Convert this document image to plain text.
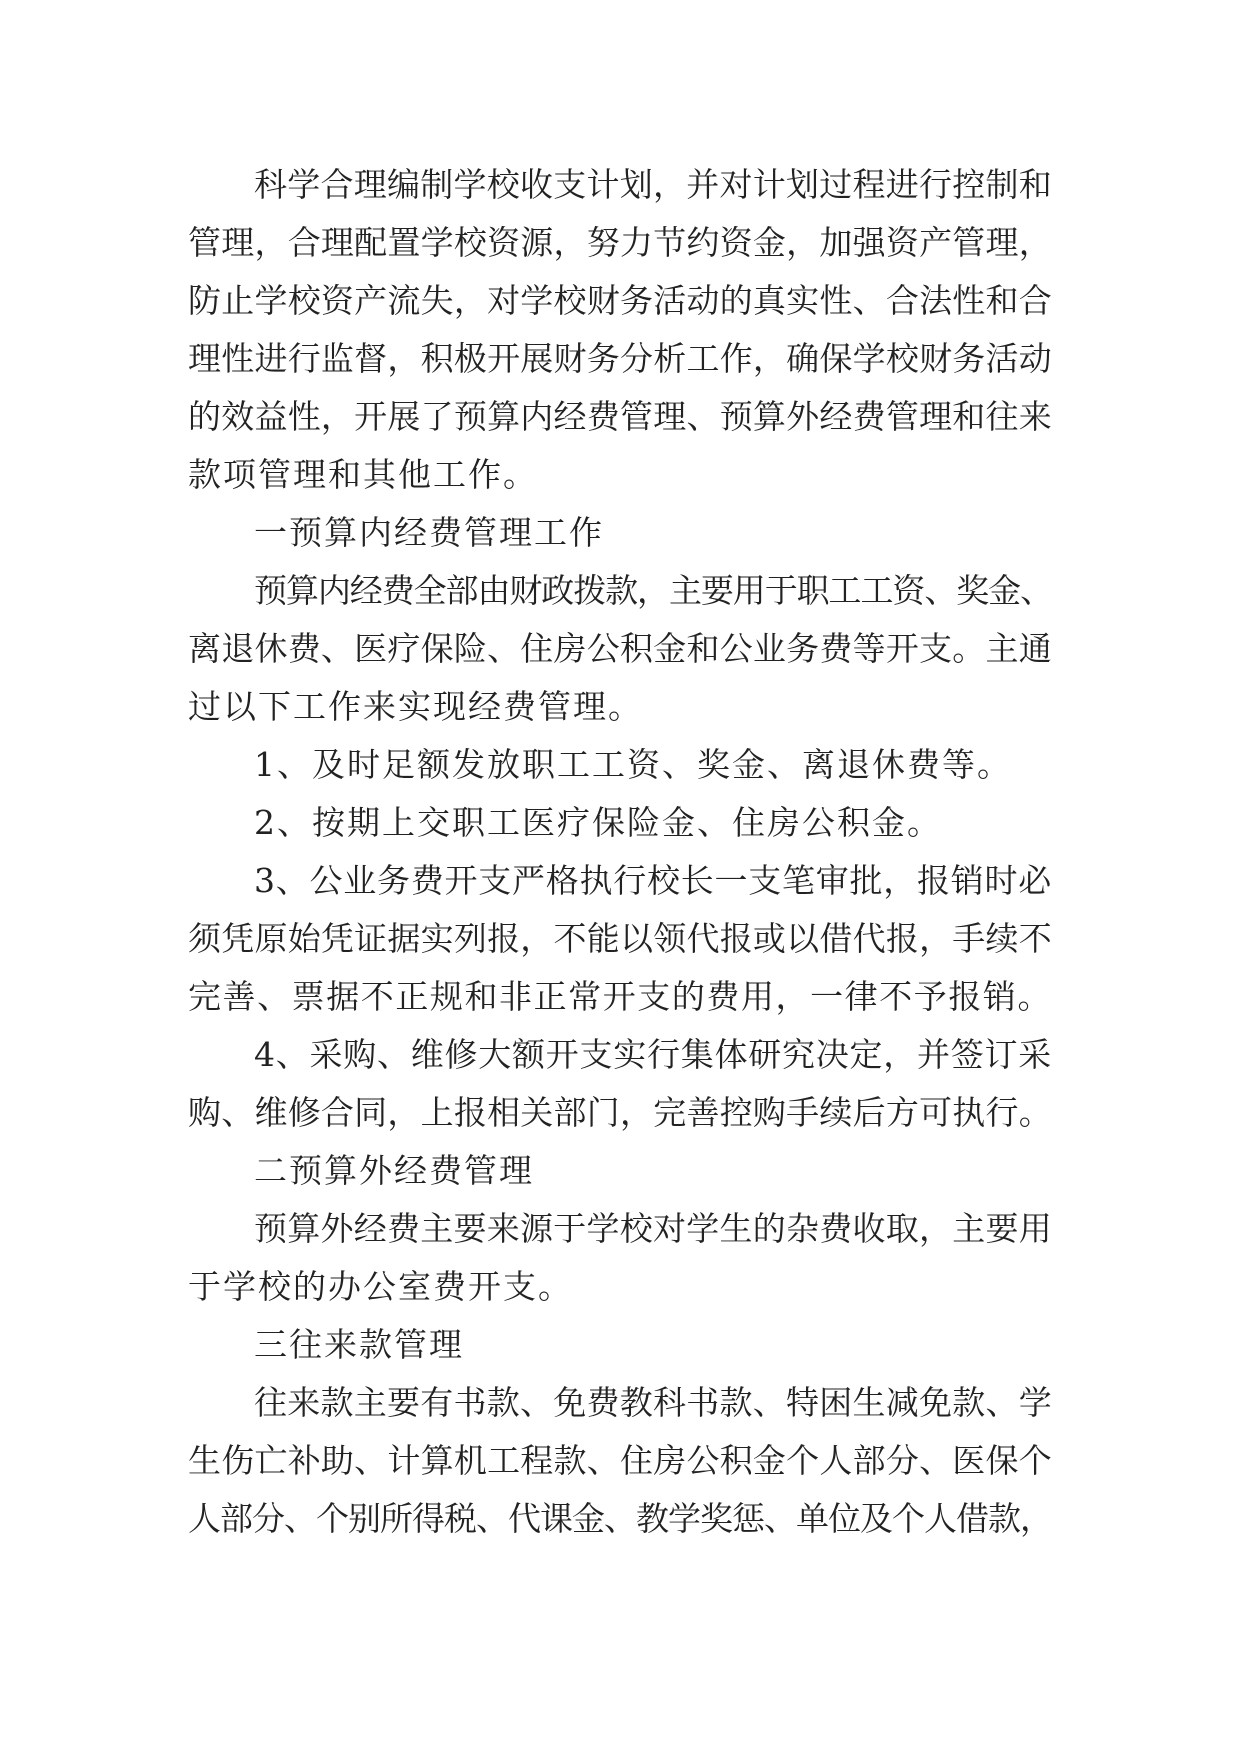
科学合理编制学校收支计划，并对计划过程进行控制和
管理，合理配置学校资源，努力节约资金，加强资产管理，
防止学校资产流失，对学校财务活动的真实性、合法性和合
理性进行监督，积极开展财务分析工作，确保学校财务活动
的效益性，开展了预算内经费管理、预算外经费管理和往来
款项管理和其他工作。
一预算内经费管理工作
预算内经费全部由财政拨款，主要用于职工工资、奖金、
离退休费、医疗保险、住房公积金和公业务费等开支。主通
过以下工作来实现经费管理。
1、及时足额发放职工工资、奖金、离退休费等。
2、按期上交职工医疗保险金、住房公积金。
3、公业务费开支严格执行校长一支笔审批，报销时必
须凭原始凭证据实列报，不能以领代报或以借代报，手续不
完善、票据不正规和非正常开支的费用，一律不予报销。
4、采购、维修大额开支实行集体研究决定，并签订采
购、维修合同，上报相关部门，完善控购手续后方可执行。
二预算外经费管理
预算外经费主要来源于学校对学生的杂费收取，主要用
于学校的办公室费开支。
三往来款管理
往来款主要有书款、免费教科书款、特困生减免款、学
生伤亡补助、计算机工程款、住房公积金个人部分、医保个
人部分、个别所得税、代课金、教学奖惩、单位及个人借款，
